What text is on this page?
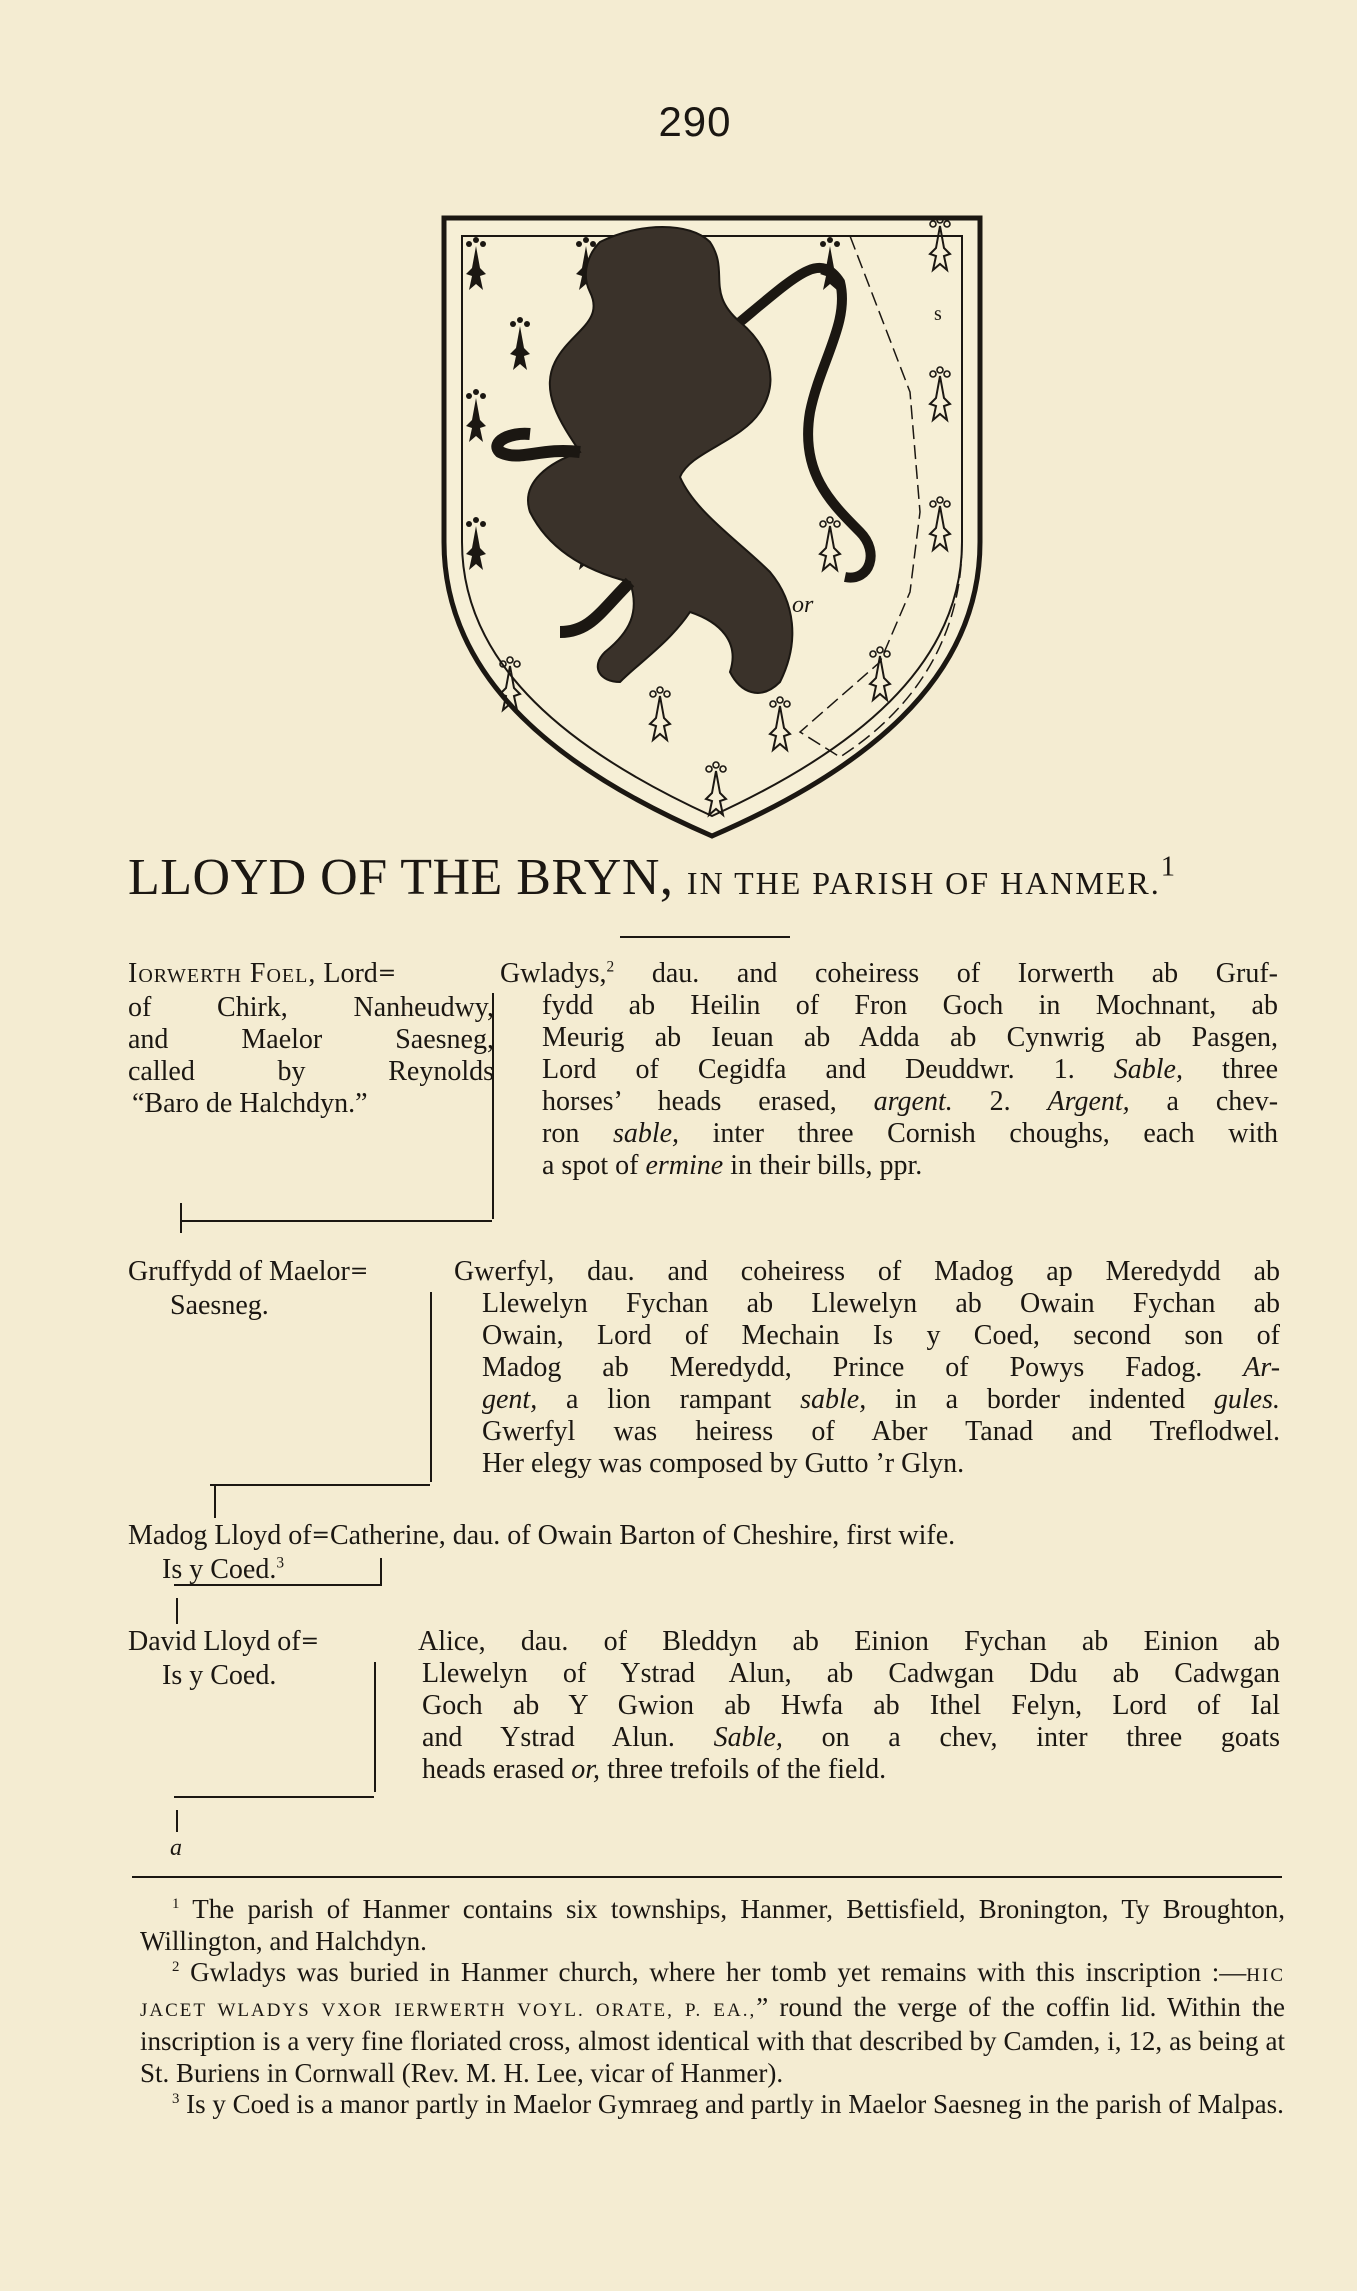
290
or
s
LLOYD OF THE BRYN, IN THE PARISH OF HANMER.$^1$
Iorwerth Foel, Lord=
of Chirk, Nanheudwy,
and Maelor Saesneg,
called by Reynolds
“Baro de Halchdyn.”
Gwladys,$^2$ dau. and coheiress of Iorwerth ab Gruf-
fydd ab Heilin of Fron Goch in Mochnant, ab
Meurig ab Ieuan ab Adda ab Cynwrig ab Pasgen,
Lord of Cegidfa and Deuddwr. 1. Sable, three
horses’ heads erased, argent. 2. Argent, a chev-
ron sable, inter three Cornish choughs, each with
a spot of ermine in their bills, ppr.
Gruffydd of Maelor=
Saesneg.
Gwerfyl, dau. and coheiress of Madog ap Meredydd ab
Llewelyn Fychan ab Llewelyn ab Owain Fychan ab
Owain, Lord of Mechain Is y Coed, second son of
Madog ab Meredydd, Prince of Powys Fadog. Ar-
gent, a lion rampant sable, in a border indented gules.
Gwerfyl was heiress of Aber Tanad and Treflodwel.
Her elegy was composed by Gutto ’r Glyn.
Madog Lloyd of=Catherine, dau. of Owain Barton of Cheshire, first wife.
Is y Coed.$^3$
David Lloyd of=
Is y Coed.
Alice, dau. of Bleddyn ab Einion Fychan ab Einion ab
Llewelyn of Ystrad Alun, ab Cadwgan Ddu ab Cadwgan
Goch ab Y Gwion ab Hwfa ab Ithel Felyn, Lord of Ial
and Ystrad Alun. Sable, on a chev, inter three goats
heads erased or, three trefoils of the field.
a

$^1$ The parish of Hanmer contains six townships, Hanmer, Bettisfield, Bronington, Ty Broughton, Willington, and Halchdyn.

$^2$ Gwladys was buried in Hanmer church, where her tomb yet remains with this inscription :—HIC JACET WLADYS VXOR IERWERTH VOYL. ORATE, P. EA.,” round the verge of the coffin lid. Within the inscription is a very fine floriated cross, almost identical with that described by Camden, i, 12, as being at St. Buriens in Cornwall (Rev. M. H. Lee, vicar of Hanmer).

$^3$ Is y Coed is a manor partly in Maelor Gymraeg and partly in Maelor Saesneg in the parish of Malpas.
